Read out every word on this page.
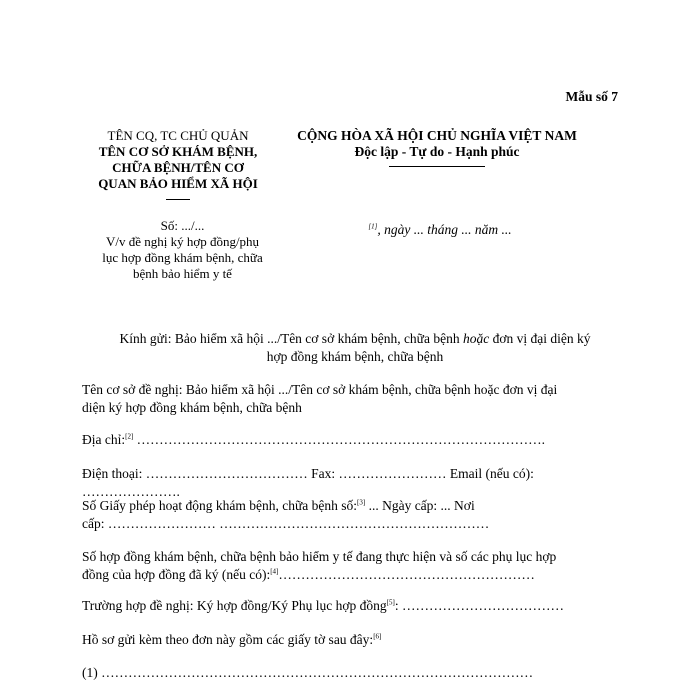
Mẫu số 7
TÊN CQ, TC CHỦ QUẢN
TÊN CƠ SỞ KHÁM BỆNH,
CHỮA BỆNH/TÊN CƠ
QUAN BẢO HIỂM XÃ HỘI
CỘNG HÒA XÃ HỘI CHỦ NGHĨA VIỆT NAM
Độc lập - Tự do - Hạnh phúc
Số: .../...
V/v đề nghị ký hợp đồng/phụ
lục hợp đồng khám bệnh, chữa
bệnh bảo hiểm y tế
[1], ngày ... tháng ... năm ...
Kính gửi: Bảo hiểm xã hội .../Tên cơ sở khám bệnh, chữa bệnh hoặc đơn vị đại diện ký
hợp đồng khám bệnh, chữa bệnh
Tên cơ sở đề nghị: Bảo hiểm xã hội .../Tên cơ sở khám bệnh, chữa bệnh hoặc đơn vị đại
diện ký hợp đồng khám bệnh, chữa bệnh
Địa chỉ:[2] ……………………………………………………………………………….
Điện thoại: ……………………………… Fax: …………………… Email (nếu có): ………………….
Số Giấy phép hoạt động khám bệnh, chữa bệnh số:[3] ... Ngày cấp: ... Nơi
cấp: …………………… ……………………………………………………
Số hợp đồng khám bệnh, chữa bệnh bảo hiểm y tế đang thực hiện và số các phụ lục hợp
đồng của hợp đồng đã ký (nếu có):[4]…………………………………………………
Trường hợp đề nghị: Ký hợp đồng/Ký Phụ lục hợp đồng[5]: ………………………………
Hồ sơ gửi kèm theo đơn này gồm các giấy tờ sau đây:[6]
(1) ……………………………………………………………………………………
